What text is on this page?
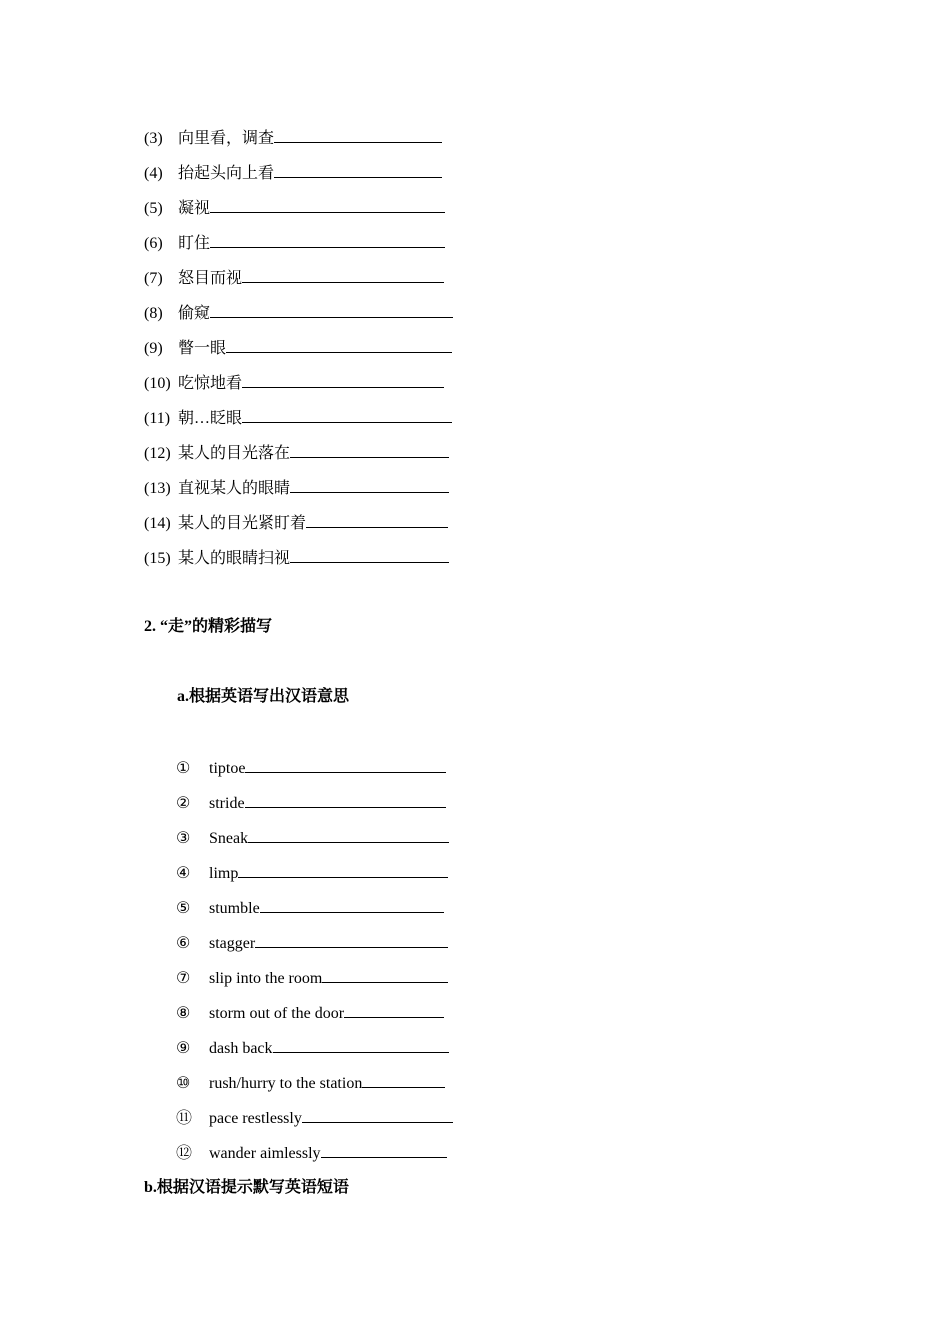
(3) 向里看，调查
(4) 抬起头向上看
(5) 凝视
(6) 盯住
(7) 怒目而视
(8) 偷窥
(9) 瞥一眼
(10) 吃惊地看
(11) 朝…眨眼
(12) 某人的目光落在
(13) 直视某人的眼睛
(14) 某人的目光紧盯着
(15) 某人的眼睛扫视
2. “走”的精彩描写
a.根据英语写出汉语意思
① tiptoe
② stride
③ Sneak
④ limp
⑤ stumble
⑥ stagger
⑦ slip into the room
⑧ storm out of the door
⑨ dash back
⑩ rush/hurry to the station
⑪ pace restlessly
⑫ wander aimlessly
b.根据汉语提示默写英语短语
